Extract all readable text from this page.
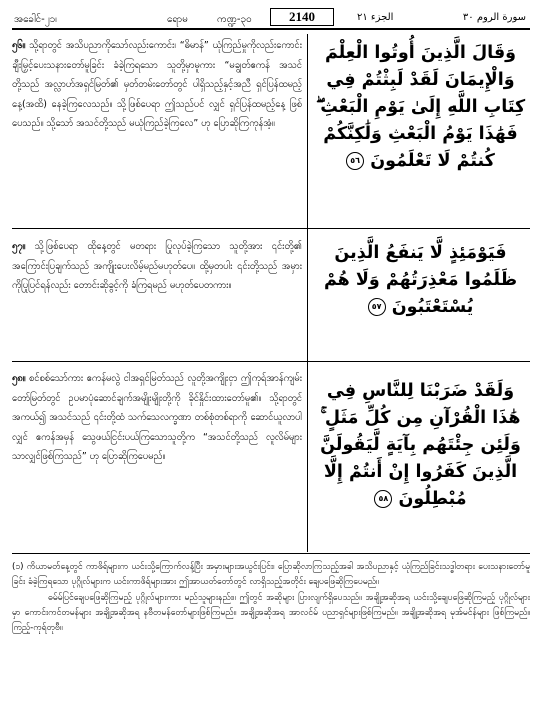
အခေါင်-၂၁၊	ရောမ	ကဏ္ဍ-၃၀	2140	الجزء ٢١	سورة الروم ٣٠
၅၆။ သို့ရာတွင် အသိပညာကိုသော်လည်းကောင်း၊ “ဓိမာန်” ယုံကြည်မှုကိုလည်းကောင်း ချီးမြှင့်ပေးသနားတော်မူခြင်း ခံခဲ့ကြရသော သူတို့မှာမူကား “မချွတ်ဧကန် အသင်တို့သည် အလ္လာဟ်အရှင်မြတ်၏ မှတ်တမ်းတော်တွင် ပါရှိသည့်နှင့်အညီ ရှင်ပြန်ထမည့်နေ့(အထိ) နေခဲ့ကြလေသည်။ သို့ဖြစ်ပေရာ ဤသည်ပင် လျှင် ရှင်ပြန်ထမည့်နေ့ ဖြစ်ပေသည်။ သို့သော် အသင်တို့သည် မယုံကြည်ခဲ့ကြလေ” ဟု ပြောဆိုကြကုန်အံ့။
وَقَالَ الَّذِينَ أُوتُوا الْعِلْمَ وَالْإِيمَانَ لَقَدْ لَبِثْتُمْ فِي كِتَابِ اللَّهِ إِلَىٰ يَوْمِ الْبَعْثِ ۖ فَهَٰذَا يَوْمُ الْبَعْثِ وَلَٰكِنَّكُمْ كُنتُمْ لَا تَعْلَمُونَ ٥٦
၅၇။ သို့ဖြစ်ပေရာ ထိုနေ့တွင် မတရား ပြုလုပ်ခဲ့ကြသော သူတို့အား ၎င်းတို့၏ အကြောင်းပြချက်သည် အကျိုးပေးလိမ့်မည်မဟုတ်ပေ။ ထို့မှတပါး ၎င်းတို့သည် အမှားကိုပြုပြင်ရန်လည်း တောင်းဆိုခွင့်ကို ခံကြရမည် မဟုတ်ပေတကား။
فَيَوْمَئِذٍ لَّا يَنفَعُ الَّذِينَ ظَلَمُوا مَعْذِرَتُهُمْ وَلَا هُمْ يُسْتَعْتَبُونَ ٥٧
၅၈။ စင်စစ်သော်ကား ဧကန်မလွဲ ငါအရှင်မြတ်သည် လူတို့အကျိုးငှာ ဤကုရ်အာန်ကျမ်းတော်မြတ်တွင် ဥပမာပုံဆောင်ချက်အမျိုးမျိုးတို့ကို ခိုင်နှိုင်းထားတော်မူ၏။ သို့ရာတွင် အကယ်၍ အသင်သည် ၎င်းတို့ထံ သက်သေလက္ခဏာ တစ်စုံတစ်ရာကို ဆောင်ယူလာပါလျှင် ဧကန်အမှန် သွေဖယ်ငြင်းပယ်ကြသောသူတို့က “အသင်တို့သည် လူလိမ်များသာလျှင်ဖြစ်ကြသည်” ဟု ပြောဆိုကြပေမည်။
وَلَقَدْ ضَرَبْنَا لِلنَّاسِ فِي هَٰذَا الْقُرْآنِ مِن كُلِّ مَثَلٍ ۚ وَلَئِن جِئْتَهُم بِآيَةٍ لَّيَقُولَنَّ الَّذِينَ كَفَرُوا إِنْ أَنتُمْ إِلَّا مُبْطِلُونَ ٥٨

(၁) ကိယာမတ်နေ့တွင် ကာဖိရ်များက ယင်းသို့ကြောက်လန့်ပြီး အမှားများအယွင်းပြင်း၊ ပြောဆိုလာကြသည့်အခါ အသိပညာနှင့် ယုံကြည်ခြင်းသဒ္ဓါတရား ပေးသနားတော်မူခြင်း ခံခဲ့ကြရသော ပုဂ္ဂိုလ်များက ယင်းကာဖိရ်များအား ဤအာယတ်တော်တွင် လာရှိသည့်အတိုင်း ချေပဖြေဆိုကြပေမည်။

ဓမ်မ်ပြင်ချေပဖြေဆိုကြမည့် ပုဂ္ဂိုလ်များကား မည်သူများနည်း။ ဤတွင် အဆိုများ ပြားလျက်ရှိပေသည်။ အချို့အဆိုအရ ယင်းသို့ချေပဖြေဆိုကြမည့် ပုဂ္ဂိုလ်များမှာ ကောင်းကင်တမန်များ အချို့အဆိုအရ နဗီတမန်တော်များဖြစ်ကြမည်။ အချို့အဆိုအရ အာလင်မ် ပညာရှင်များဖြစ်ကြမည်။ အချို့အဆိုအရ မုအ်မင်န်များ ဖြစ်ကြမည်။ ကြည့်-ကုရ်တုဗီ။
